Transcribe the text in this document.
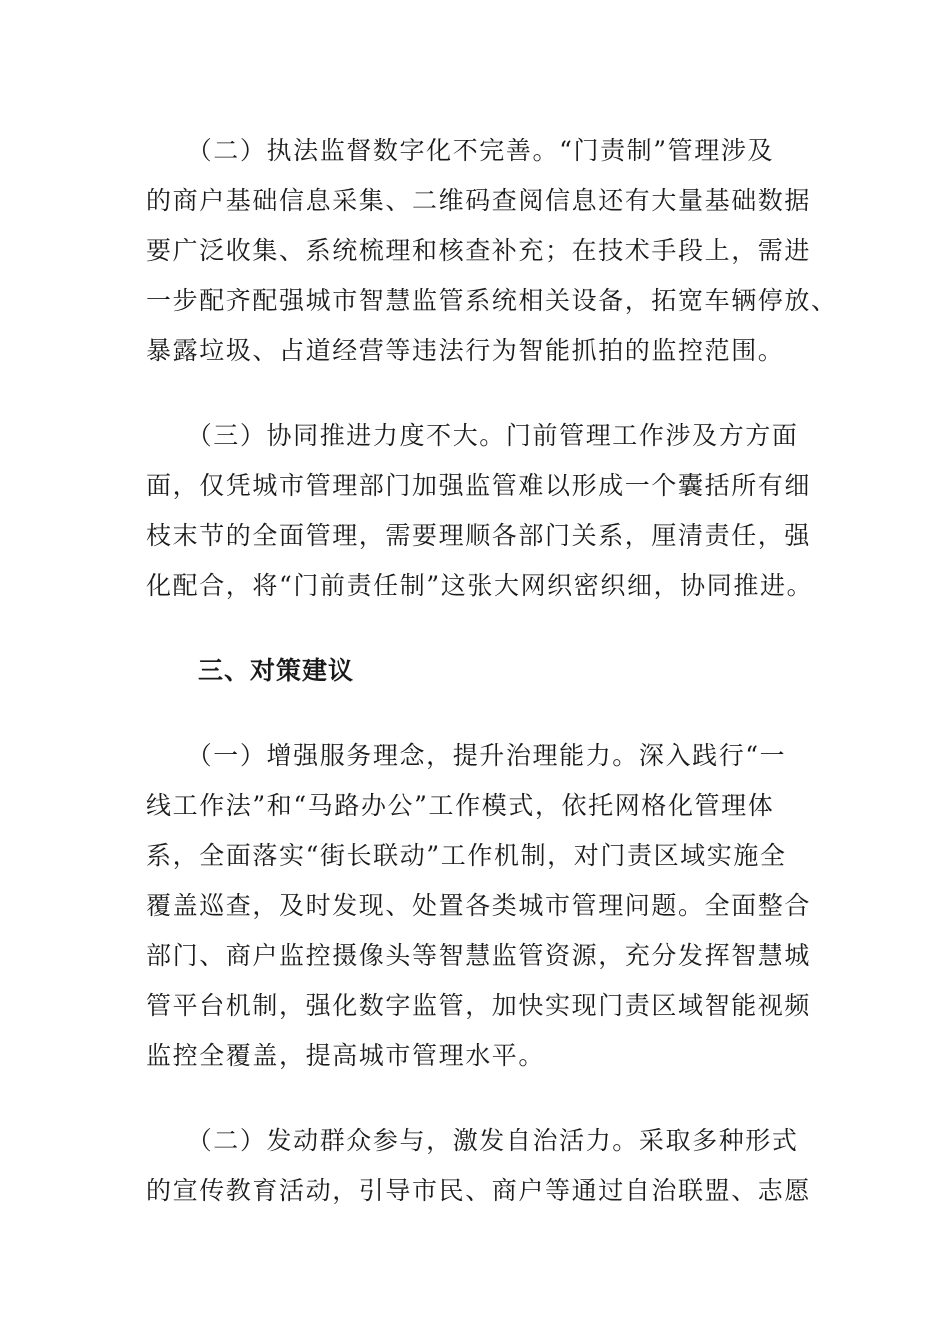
　　（二）执法监督数字化不完善。“门责制”管理涉及
的商户基础信息采集、二维码查阅信息还有大量基础数据
要广泛收集、系统梳理和核查补充；在技术手段上，需进
一步配齐配强城市智慧监管系统相关设备，拓宽车辆停放、
暴露垃圾、占道经营等违法行为智能抓拍的监控范围。
　　（三）协同推进力度不大。门前管理工作涉及方方面
面，仅凭城市管理部门加强监管难以形成一个囊括所有细
枝末节的全面管理，需要理顺各部门关系，厘清责任，强
化配合，将“门前责任制”这张大网织密织细，协同推进。
　　三、对策建议
　　（一）增强服务理念，提升治理能力。深入践行“一
线工作法”和“马路办公”工作模式，依托网格化管理体
系，全面落实“街长联动”工作机制，对门责区域实施全
覆盖巡查，及时发现、处置各类城市管理问题。全面整合
部门、商户监控摄像头等智慧监管资源，充分发挥智慧城
管平台机制，强化数字监管，加快实现门责区域智能视频
监控全覆盖，提高城市管理水平。
　　（二）发动群众参与，激发自治活力。采取多种形式
的宣传教育活动，引导市民、商户等通过自治联盟、志愿
